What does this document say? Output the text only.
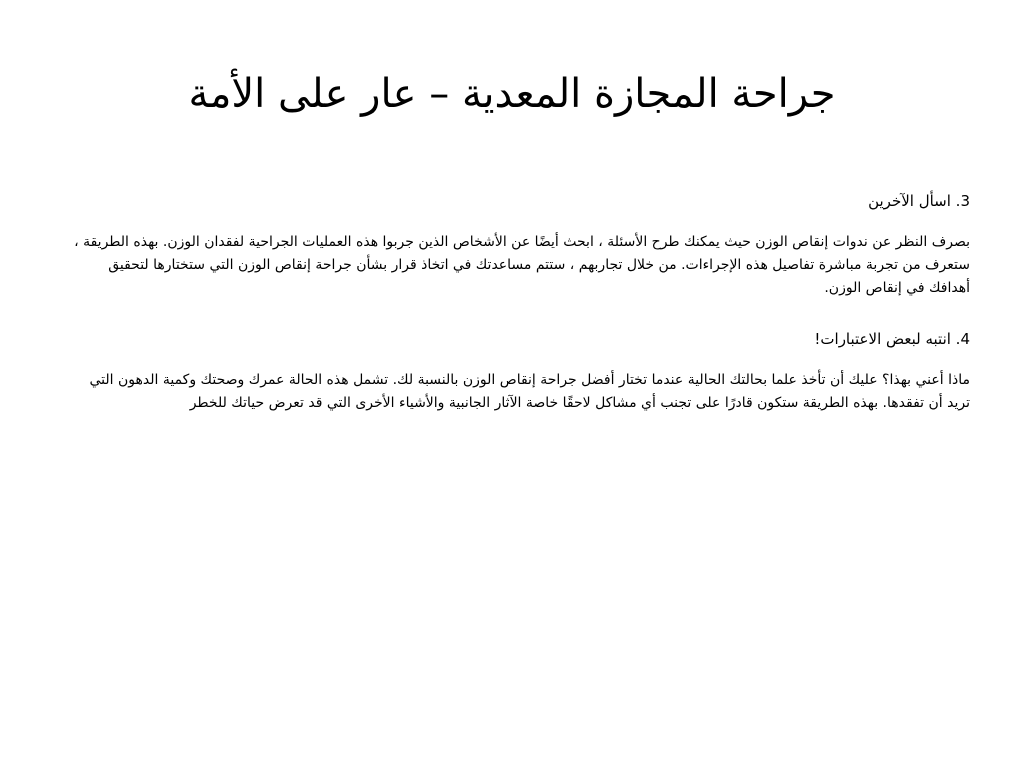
جراحة المجازة المعدية – عار على الأمة

3. اسأل الآخرين

بصرف النظر عن ندوات إنقاص الوزن حيث يمكنك طرح الأسئلة ، ابحث أيضًا عن الأشخاص الذين جربوا هذه العمليات الجراحية لفقدان الوزن. بهذه الطريقة ، ستعرف من تجربة مباشرة تفاصيل هذه الإجراءات. من خلال تجاربهم ، ستتم مساعدتك في اتخاذ قرار بشأن جراحة إنقاص الوزن التي ستختارها لتحقيق أهدافك في إنقاص الوزن.

4. انتبه لبعض الاعتبارات!

ماذا أعني بهذا؟ عليك أن تأخذ علما بحالتك الحالية عندما تختار أفضل جراحة إنقاص الوزن بالنسبة لك. تشمل هذه الحالة عمرك وصحتك وكمية الدهون التي تريد أن تفقدها. بهذه الطريقة ستكون قادرًا على تجنب أي مشاكل لاحقًا خاصة الآثار الجانبية والأشياء الأخرى التي قد تعرض حياتك للخطر
